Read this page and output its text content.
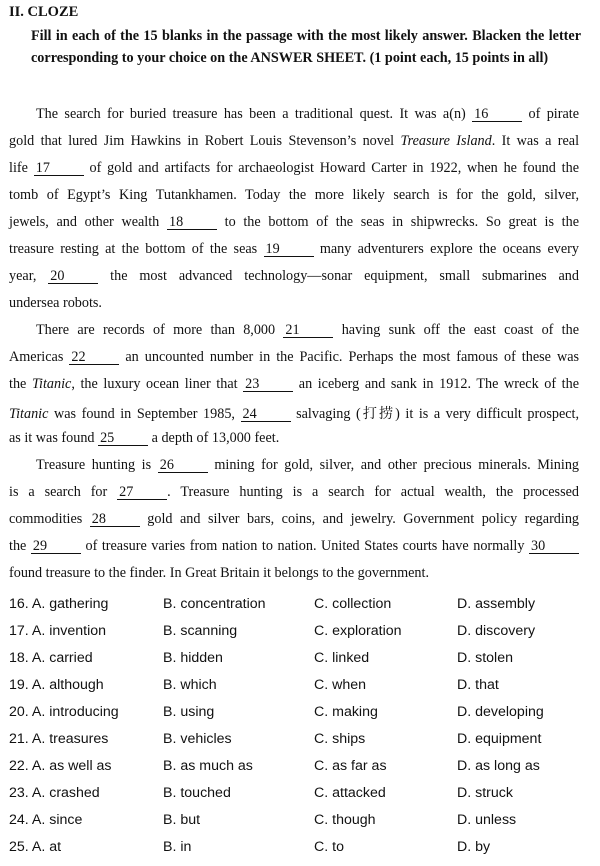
II. CLOZE
Fill in each of the 15 blanks in the passage with the most likely answer. Blacken the letter corresponding to your choice on the ANSWER SHEET. (1 point each, 15 points in all)
The search for buried treasure has been a traditional quest. It was a(n) 16	of pirate
gold that lured Jim Hawkins in Robert Louis Stevenson’s novel Treasure Island. It was a real
life 17	of gold and artifacts for archaeologist Howard Carter in 1922, when he found the
tomb of Egypt’s King Tutankhamen. Today the more likely search is for the gold, silver,
jewels, and other wealth 18	to the bottom of the seas in shipwrecks. So great is the
treasure resting at the bottom of the seas 19	many adventurers explore the oceans every
year, 20	the most advanced technology—sonar equipment, small submarines and
undersea robots.
There are records of more than 8,000 21	having sunk off the east coast of the
Americas 22	an uncounted number in the Pacific. Perhaps the most famous of these was
the Titanic, the luxury ocean liner that 23	an iceberg and sank in 1912. The wreck of the
Titanic was found in September 1985, 24	salvaging (打捞) it is a very difficult prospect,
as it was found 25	a depth of 13,000 feet.
Treasure hunting is 26	mining for gold, silver, and other precious minerals. Mining
is a search for 27 . Treasure hunting is a search for actual wealth, the processed
commodities 28	gold and silver bars, coins, and jewelry. Government policy regarding
the 29	of treasure varies from nation to nation. United States courts have normally 30
found treasure to the finder. In Great Britain it belongs to the government.
16. A. gathering	B. concentration	C. collection	D. assembly
17. A. invention	B. scanning	C. exploration	D. discovery
18. A. carried	B. hidden	C. linked	D. stolen
19. A. although	B. which	C. when	D. that
20. A. introducing	B. using	C. making	D. developing
21. A. treasures	B. vehicles	C. ships	D. equipment
22. A. as well as	B. as much as	C. as far as	D. as long as
23. A. crashed	B. touched	C. attacked	D. struck
24. A. since	B. but	C. though	D. unless
25. A. at	B. in	C. to	D. by
